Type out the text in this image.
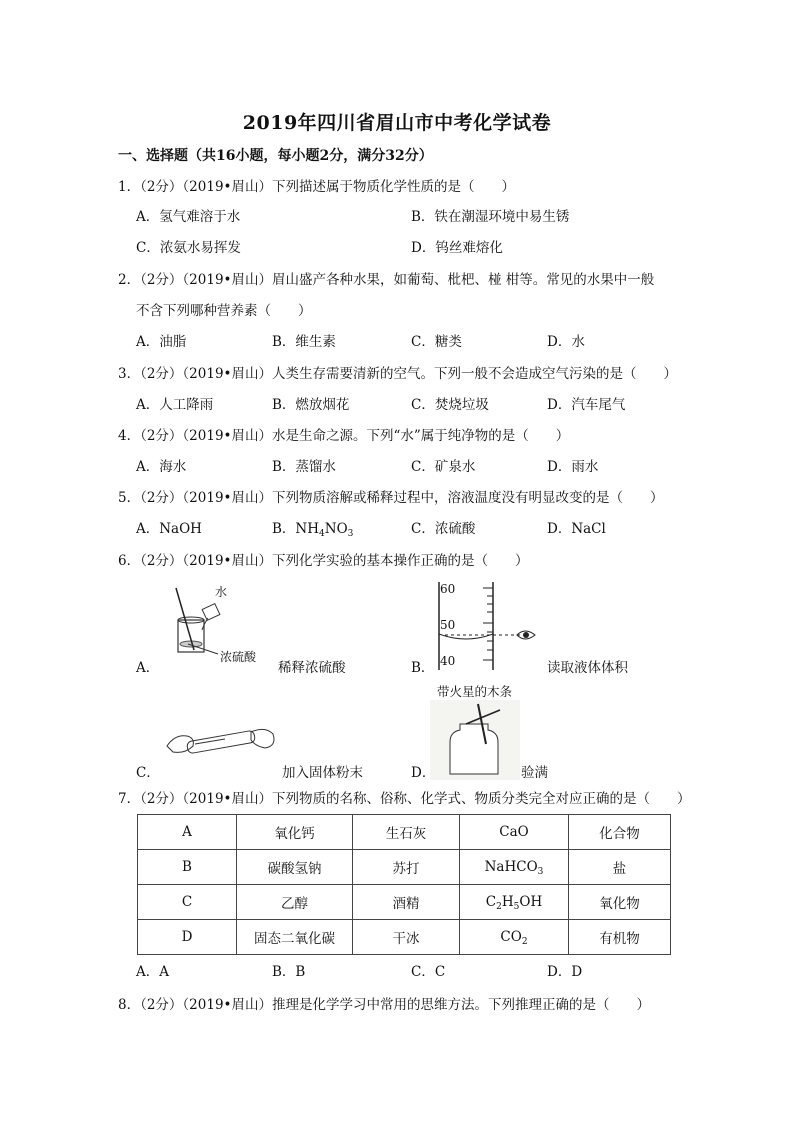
2019年四川省眉山市中考化学试卷
一、选择题（共16小题，每小题2分，满分32分）
1．（2分）（2019•眉山）下列描述属于物质化学性质的是（　　）
A．氢气难溶于水	B．铁在潮湿环境中易生锈
C．浓氨水易挥发	D．钨丝难熔化
2．（2分）（2019•眉山）眉山盛产各种水果，如葡萄、枇杷、椪 柑等。常见的水果中一般
不含下列哪种营养素（　　）
A．油脂	B．维生素	C．糖类	D．水
3．（2分）（2019•眉山）人类生存需要清新的空气。下列一般不会造成空气污染的是（　　）
A．人工降雨	B．燃放烟花	C．焚烧垃圾	D．汽车尾气
4．（2分）（2019•眉山）水是生命之源。下列“水”属于纯净物的是（　　）
A．海水	B．蒸馏水	C．矿泉水	D．雨水
5．（2分）（2019•眉山）下列物质溶解或稀释过程中，溶液温度没有明显改变的是（　　）
A．NaOH	B．$NH_4NO_3$	C．浓硫酸	D．NaCl
6．（2分）（2019•眉山）下列化学实验的基本操作正确的是（　　）
水
浓硫酸
A．	稀释浓硫酸
60
50
40
B．	读取液体体积
C．	加入固体粉末
带火星的木条
D．	验满
7．（2分）（2019•眉山）下列物质的名称、俗称、化学式、物质分类完全对应正确的是（　　）
A	氧化钙	生石灰	CaO	化合物
B	碳酸氢钠	苏打	NaHCO$_3$	盐
C	乙醇	酒精	$C_2H_5OH$	氧化物
D	固态二氧化碳	干冰	$CO_2$	有机物
A．A	B．B	C．C	D．D
8．（2分）（2019•眉山）推理是化学学习中常用的思维方法。下列推理正确的是（　　）
